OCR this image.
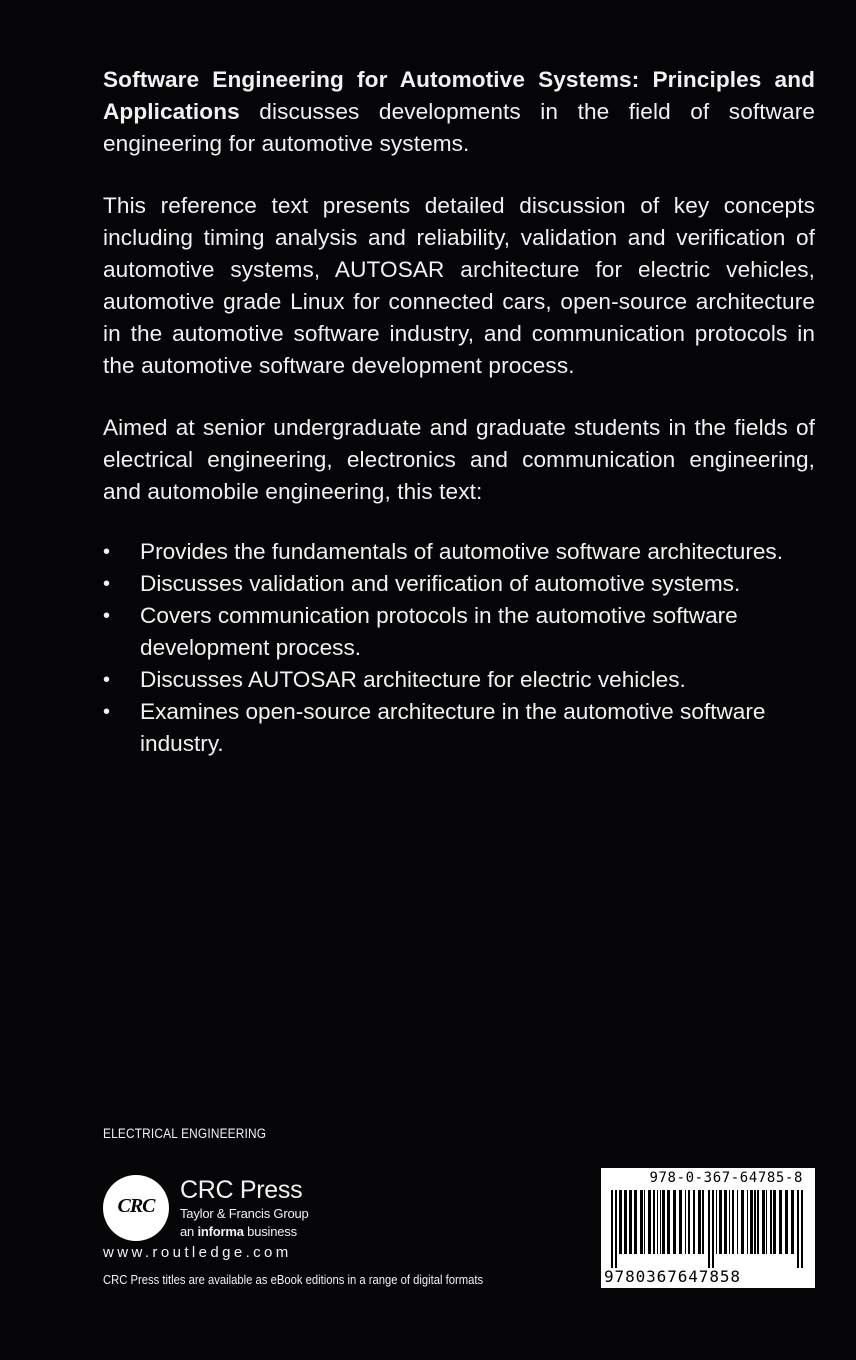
Software Engineering for Automotive Systems: Principles and Applications discusses developments in the field of software engineering for automotive systems.

This reference text presents detailed discussion of key concepts including timing analysis and reliability, validation and verification of automotive systems, AUTOSAR architecture for electric vehicles, automotive grade Linux for connected cars, open-source architecture in the automotive software industry, and communication protocols in the automotive software development process.

Aimed at senior undergraduate and graduate students in the fields of electrical engineering, electronics and communication engineering, and automobile engineering, this text:

• Provides the fundamentals of automotive software architectures.
• Discusses validation and verification of automotive systems.
• Covers communication protocols in the automotive software development process.
• Discusses AUTOSAR architecture for electric vehicles.
• Examines open-source architecture in the automotive software industry.
ELECTRICAL ENGINEERING
CRC
CRC Press
Taylor & Francis Group
an informa business
www.routledge.com
CRC Press titles are available as eBook editions in a range of digital formats
978-0-367-64785-8
9780367647858
